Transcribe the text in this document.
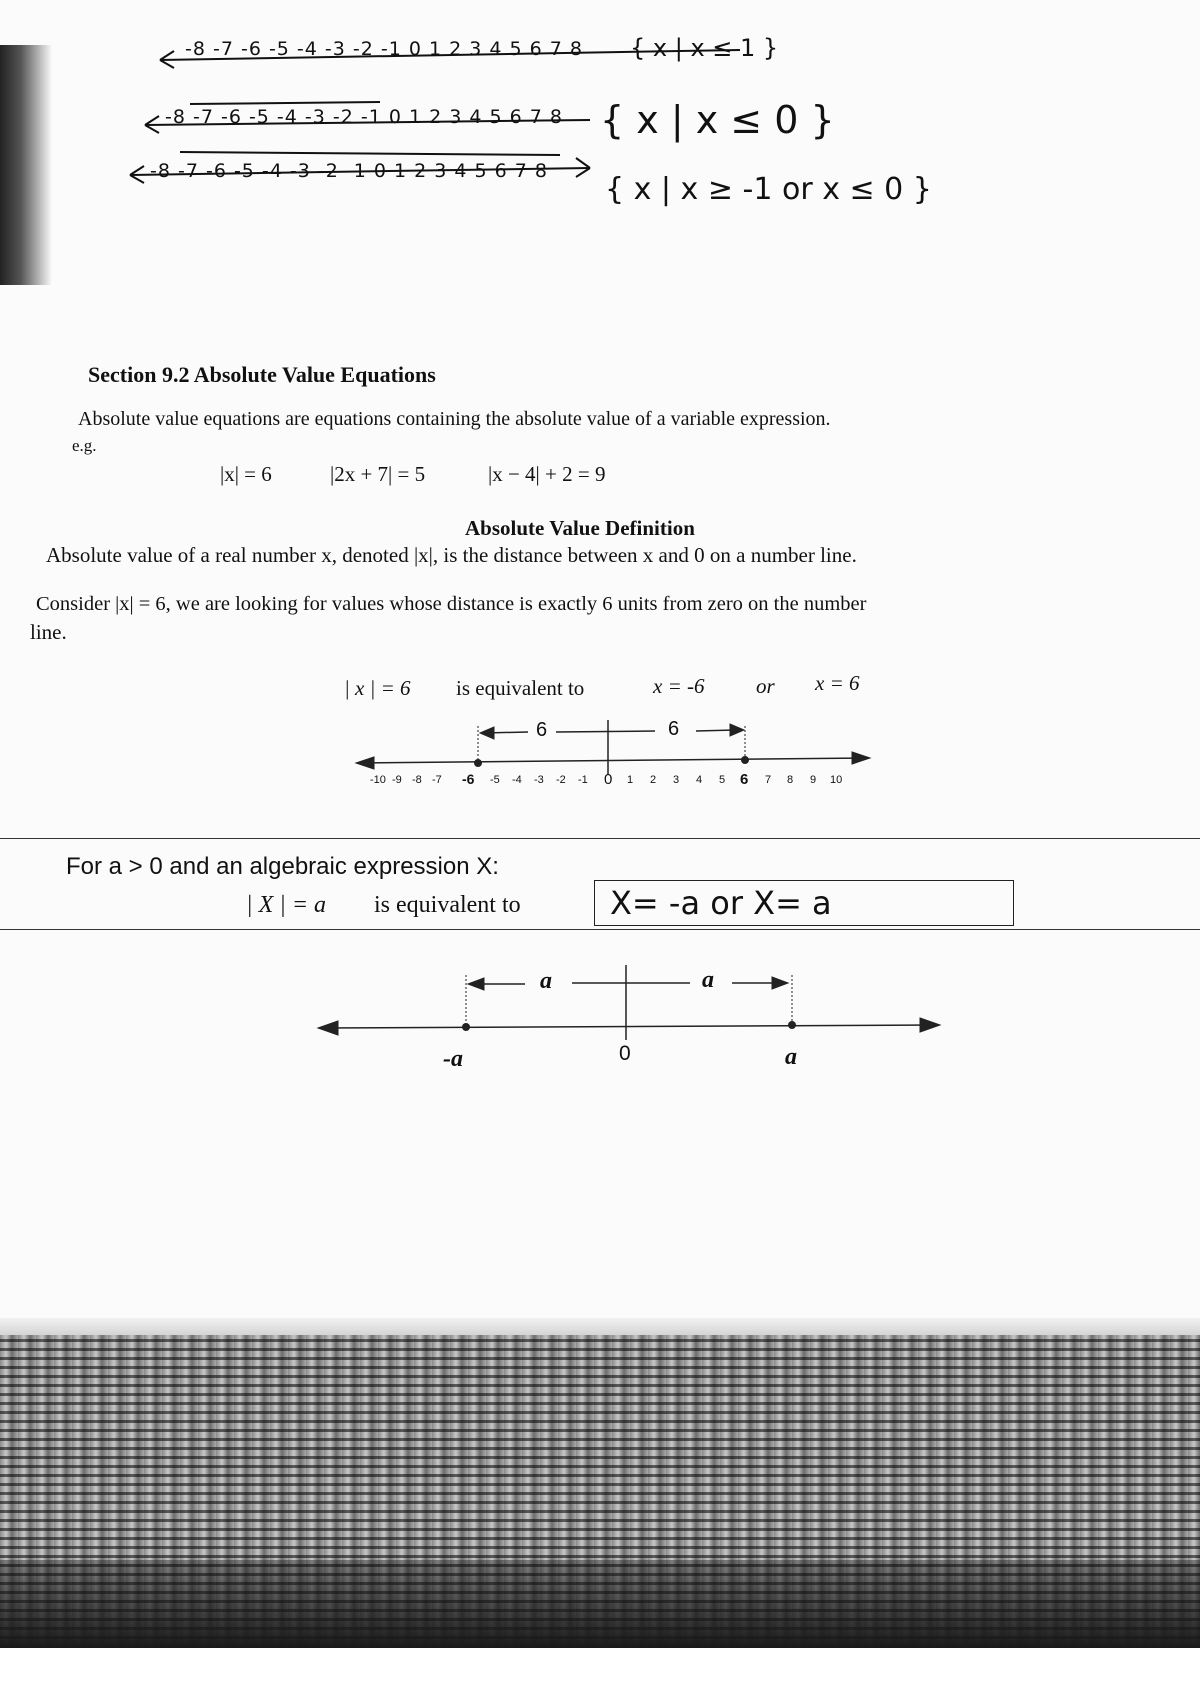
-8 -7 -6 -5 -4 -3 -2 -1 0 1 2 3 4 5 6 7 8 { x | x ≤ 1 }
-8 -7 -6 -5 -4 -3 -2 -1 0 1 2 3 4 5 6 7 8 { x | x ≤ 0 }
-8 -7 -6 -5 -4 -3 -2 -1 0 1 2 3 4 5 6 7 8
{ x | x ≥ -1 or x ≤ 0 }
Section 9.2 Absolute Value Equations
Absolute value equations are equations containing the absolute value of a variable expression.
e.g.
|x| = 6	|2x + 7| = 5	|x − 4| + 2 = 9
Absolute Value Definition
Absolute value of a real number x, denoted |x|, is the distance between x and 0 on a number line.
Consider |x| = 6, we are looking for values whose distance is exactly 6 units from zero on the number
line.
| x | = 6 is equivalent to	x = -6 or x = 6
6	6
-10 -9 -8 -7 -6 -5 -4 -3 -2 -1 0 1 2 3 4 5 6 7 8 9 10
For a > 0 and an algebraic expression X:
| X | = a is equivalent to	X= -a or X= a
a	a
-a	0	a
